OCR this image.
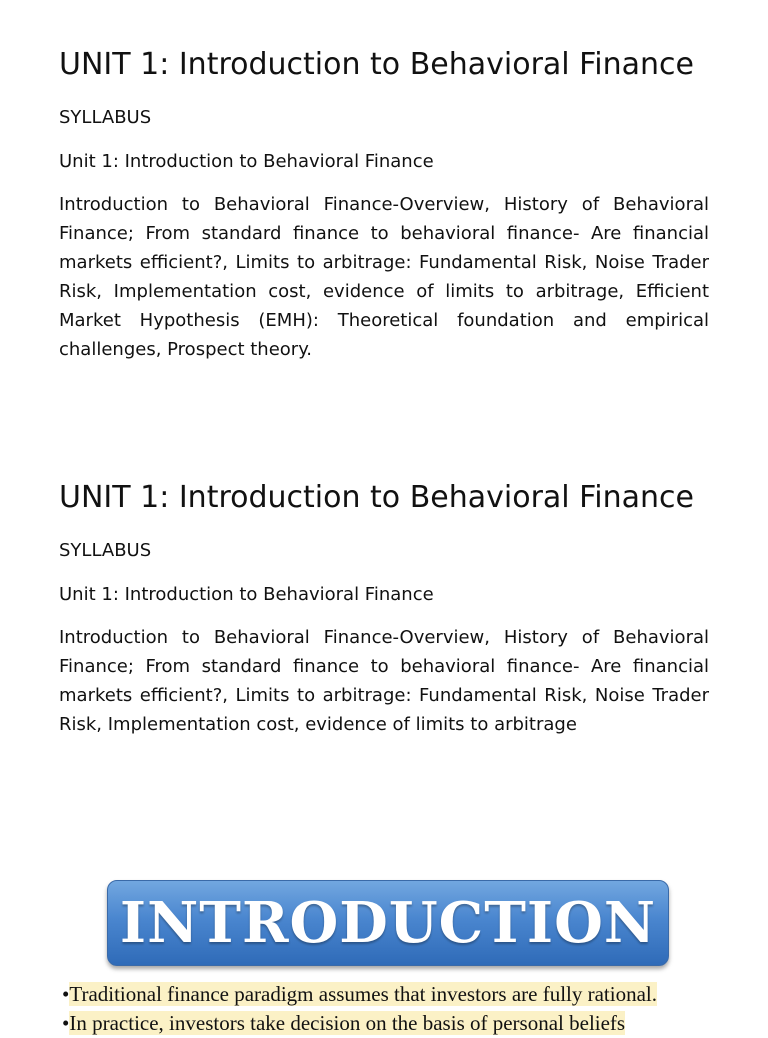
UNIT 1: Introduction to Behavioral Finance
SYLLABUS
Unit 1: Introduction to Behavioral Finance

Introduction to Behavioral Finance-Overview, History of Behavioral Finance; From standard finance to behavioral finance- Are financial markets efficient?, Limits to arbitrage: Fundamental Risk, Noise Trader Risk, Implementation cost, evidence of limits to arbitrage, Efficient Market Hypothesis (EMH): Theoretical foundation and empirical challenges, Prospect theory.

UNIT 1: Introduction to Behavioral Finance
SYLLABUS
Unit 1: Introduction to Behavioral Finance

Introduction to Behavioral Finance-Overview, History of Behavioral Finance; From standard finance to behavioral finance- Are financial markets efficient?, Limits to arbitrage: Fundamental Risk, Noise Trader Risk, Implementation cost, evidence of limits to arbitrage

INTRODUCTION
•Traditional finance paradigm assumes that investors are fully rational.
•In practice, investors take decision on the basis of personal beliefs
